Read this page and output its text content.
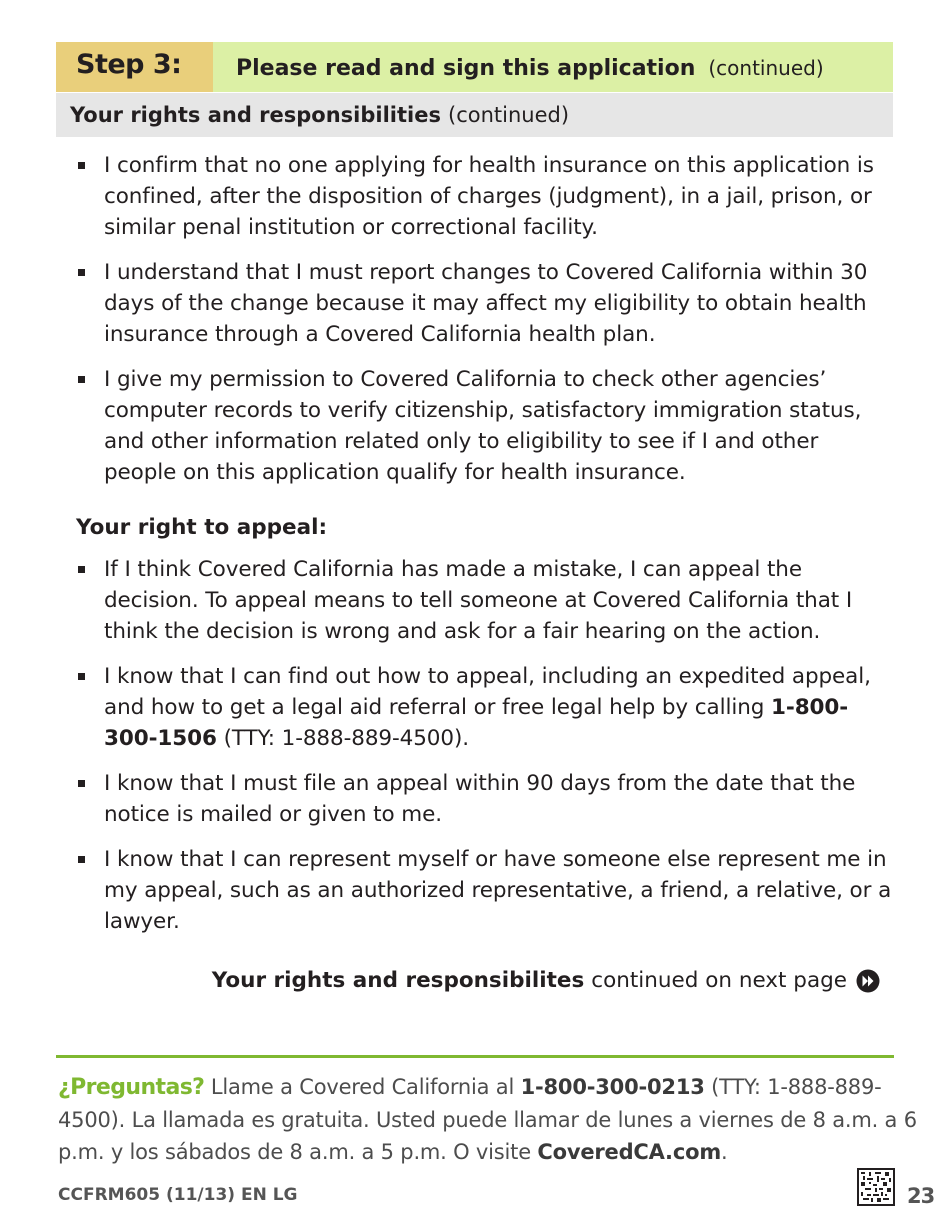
Step 3:	Please read and sign this application (continued)
Your rights and responsibilities (continued)
I confirm that no one applying for health insurance on this application is confined, after the disposition of charges (judgment), in a jail, prison, or similar penal institution or correctional facility.
I understand that I must report changes to Covered California within 30 days of the change because it may affect my eligibility to obtain health insurance through a Covered California health plan.
I give my permission to Covered California to check other agencies’ computer records to verify citizenship, satisfactory immigration status, and other information related only to eligibility to see if I and other people on this application qualify for health insurance.
Your right to appeal:
If I think Covered California has made a mistake, I can appeal the decision. To appeal means to tell someone at Covered California that I think the decision is wrong and ask for a fair hearing on the action.
I know that I can find out how to appeal, including an expedited appeal, and how to get a legal aid referral or free legal help by calling 1-800-300-1506 (TTY: 1-888-889-4500).
I know that I must file an appeal within 90 days from the date that the notice is mailed or given to me.
I know that I can represent myself or have someone else represent me in my appeal, such as an authorized representative, a friend, a relative, or a lawyer.
Your rights and responsibilites continued on next page
¿Preguntas? Llame a Covered California al 1-800-300-0213 (TTY: 1-888-889-4500). La llamada es gratuita. Usted puede llamar de lunes a viernes de 8 a.m. a 6 p.m. y los sábados de 8 a.m. a 5 p.m. O visite CoveredCA.com.
CCFRM605 (11/13) EN LG	23
